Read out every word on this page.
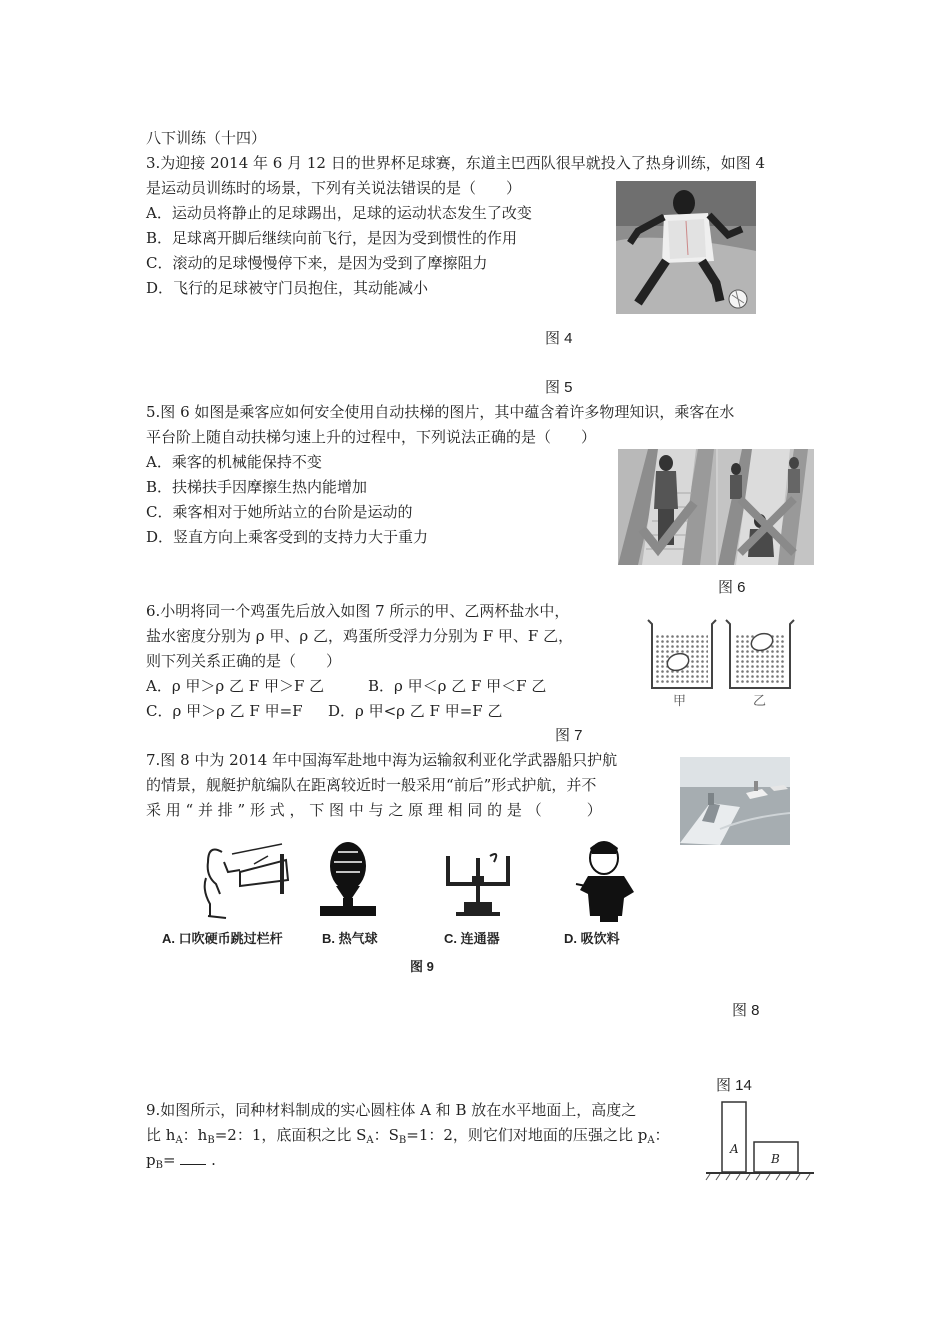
八下训练（十四）
3.为迎接 2014 年 6 月 12 日的世界杯足球赛，东道主巴西队很早就投入了热身训练，如图 4
是运动员训练时的场景，下列有关说法错误的是（　　）
A．运动员将静止的足球踢出，足球的运动状态发生了改变
B．足球离开脚后继续向前飞行，是因为受到惯性的作用
C．滚动的足球慢慢停下来，是因为受到了摩擦阻力
D．飞行的足球被守门员抱住，其动能减小
图 4
图 5
5.图 6 如图是乘客应如何安全使用自动扶梯的图片，其中蕴含着许多物理知识，乘客在水
平台阶上随自动扶梯匀速上升的过程中，下列说法正确的是（　　）
A．乘客的机械能保持不变
B．扶梯扶手因摩擦生热内能增加
C．乘客相对于她所站立的台阶是运动的
D．竖直方向上乘客受到的支持力大于重力
图 6
6.小明将同一个鸡蛋先后放入如图 7 所示的甲、乙两杯盐水中，
盐水密度分别为 ρ 甲、ρ 乙，鸡蛋所受浮力分别为 F 甲、F 乙，
则下列关系正确的是（　　）
A．ρ 甲＞ρ 乙 F 甲＞F 乙	B．ρ 甲＜ρ 乙 F 甲＜F 乙
C．ρ 甲＞ρ 乙 F 甲=F D．ρ 甲<ρ 乙 F 甲=F 乙
甲	乙
图 7
7.图 8 中为 2014 年中国海军赴地中海为运输叙利亚化学武器船只护航
的情景，舰艇护航编队在距离较近时一般采用“前后”形式护航，并不
采 用 “ 并 排 ” 形 式 ， 下 图 中 与 之 原 理 相 同 的 是 （　　　）
A. 口吹硬币跳过栏杆	B. 热气球	C. 连通器	D. 吸饮料
图 9
图 8
图 14
9.如图所示，同种材料制成的实心圆柱体 A 和 B 放在水平地面上，高度之
比 $h_A$：$h_B=2$：1，底面积之比 $S_A$：$S_B=1$：2，则它们对地面的压强之比 $p_A$：
$p_B=$ .
A
B
